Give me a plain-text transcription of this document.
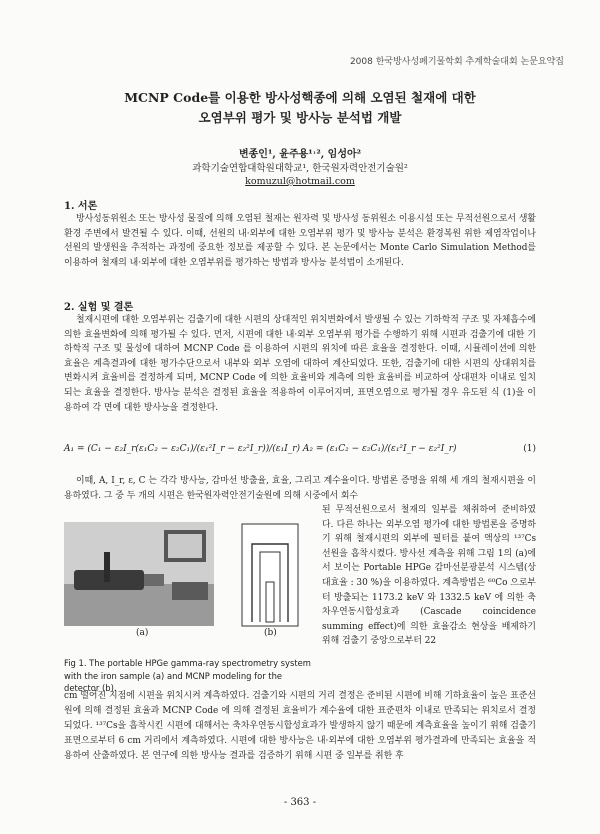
2008 한국방사성폐기물학회 추계학술대회 논문요약집
MCNP Code를 이용한 방사성핵종에 의해 오염된 철재에 대한
오염부위 평가 및 방사능 분석법 개발
변종인¹, 윤주용¹˒², 임성아²
과학기술연합대학원대학교¹, 한국원자력안전기술원²
komuzul@hotmail.com
1. 서론

방사성동위원소 또는 방사성 물질에 의해 오염된 철재는 원자력 및 방사성 동위원소 이용시설 또는 무적선원으로서 생활환경 주변에서 발견될 수 있다. 이때, 선원의 내·외부에 대한 오염부위 평가 및 방사능 분석은 환경복원 위한 제염작업이나 선원의 발생원을 추적하는 과정에 중요한 정보를 제공할 수 있다. 본 논문에서는 Monte Carlo Simulation Method를 이용하여 철재의 내·외부에 대한 오염부위를 평가하는 방법과 방사능 분석법이 소개된다.

2. 실험 및 결론

철재시편에 대한 오염부위는 검출기에 대한 시편의 상대적인 위치변화에서 발생될 수 있는 기하학적 구조 및 자체흡수에 의한 효율변화에 의해 평가될 수 있다. 먼저, 시편에 대한 내·외부 오염부위 평가를 수행하기 위해 시편과 검출기에 대한 기하학적 구조 및 물성에 대하여 MCNP Code 를 이용하여 시편의 위치에 따른 효율을 결정한다. 이때, 시뮬레이션에 의한 효율은 계측결과에 대한 평가수단으로서 내부와 외부 오염에 대하여 계산되었다. 또한, 검출기에 대한 시편의 상대위치를 변화시켜 효율비를 결정하게 되며, MCNP Code 에 의한 효율비와 계측에 의한 효율비를 비교하여 상대편차 이내로 일치되는 효율을 결정한다. 방사능 분석은 결정된 효율을 적용하여 이루어지며, 표면오염으로 평가될 경우 유도된 식 (1)을 이용하여 각 면에 대한 방사능을 결정한다.

A₁ = (C₁ − ε₂I_r(ε₁C₂ − ε₂C₁)/(ε₁²I_r − ε₂²I_r))/(ε₁I_r) A₂ = (ε₁C₂ − ε₂C₁)/(ε₁²I_r − ε₂²I_r)	(1)

이때, A, I_r, ε, C 는 각각 방사능, 감마선 방출율, 효율, 그리고 계수율이다. 방법론 증명을 위해 세 개의 철재시편을 이용하였다. 그 중 두 개의 시편은 한국원자력안전기술원에 의해 시중에서 회수

된 무적선원으로서 철재의 일부를 채취하여 준비하였다. 다른 하나는 외부오염 평가에 대한 방법론을 증명하기 위해 철재시편의 외부에 필터를 붙여 액상의 ¹³⁷Cs 선원을 흡착시켰다. 방사선 계측을 위해 그림 1의 (a)에서 보이는 Portable HPGe 감마선분광분석 시스템(상대효율 : 30 %)을 이용하였다. 계측방법은 ⁶⁰Co 으로부터 방출되는 1173.2 keV 와 1332.5 keV 에 의한 축차우연동시합성효과 (Cascade coincidence summing effect)에 의한 효율감소 현상을 배제하기 위해 검출기 중앙으로부터 22

(a)	(b)
Fig 1. The portable HPGe gamma-ray spectrometry system with the iron sample (a) and MCNP modeling for the detector (b).

cm 떨어진 지점에 시편을 위치시켜 계측하였다. 검출기와 시편의 거리 결정은 준비된 시편에 비해 기하효율이 높은 표준선원에 의해 결정된 효율과 MCNP Code 에 의해 결정된 효율비가 계수율에 대한 표준편차 이내로 만족되는 위치로서 결정되었다. ¹³⁷Cs을 흡착시킨 시편에 대해서는 축차우연동시합성효과가 발생하지 않기 때문에 계측효율을 높이기 위해 검출기 표면으로부터 6 cm 거리에서 계측하였다. 시편에 대한 방사능은 내·외부에 대한 오염부위 평가결과에 만족되는 효율을 적용하여 산출하였다. 본 연구에 의한 방사능 결과를 검증하기 위해 시편 중 일부를 취한 후

- 363 -
